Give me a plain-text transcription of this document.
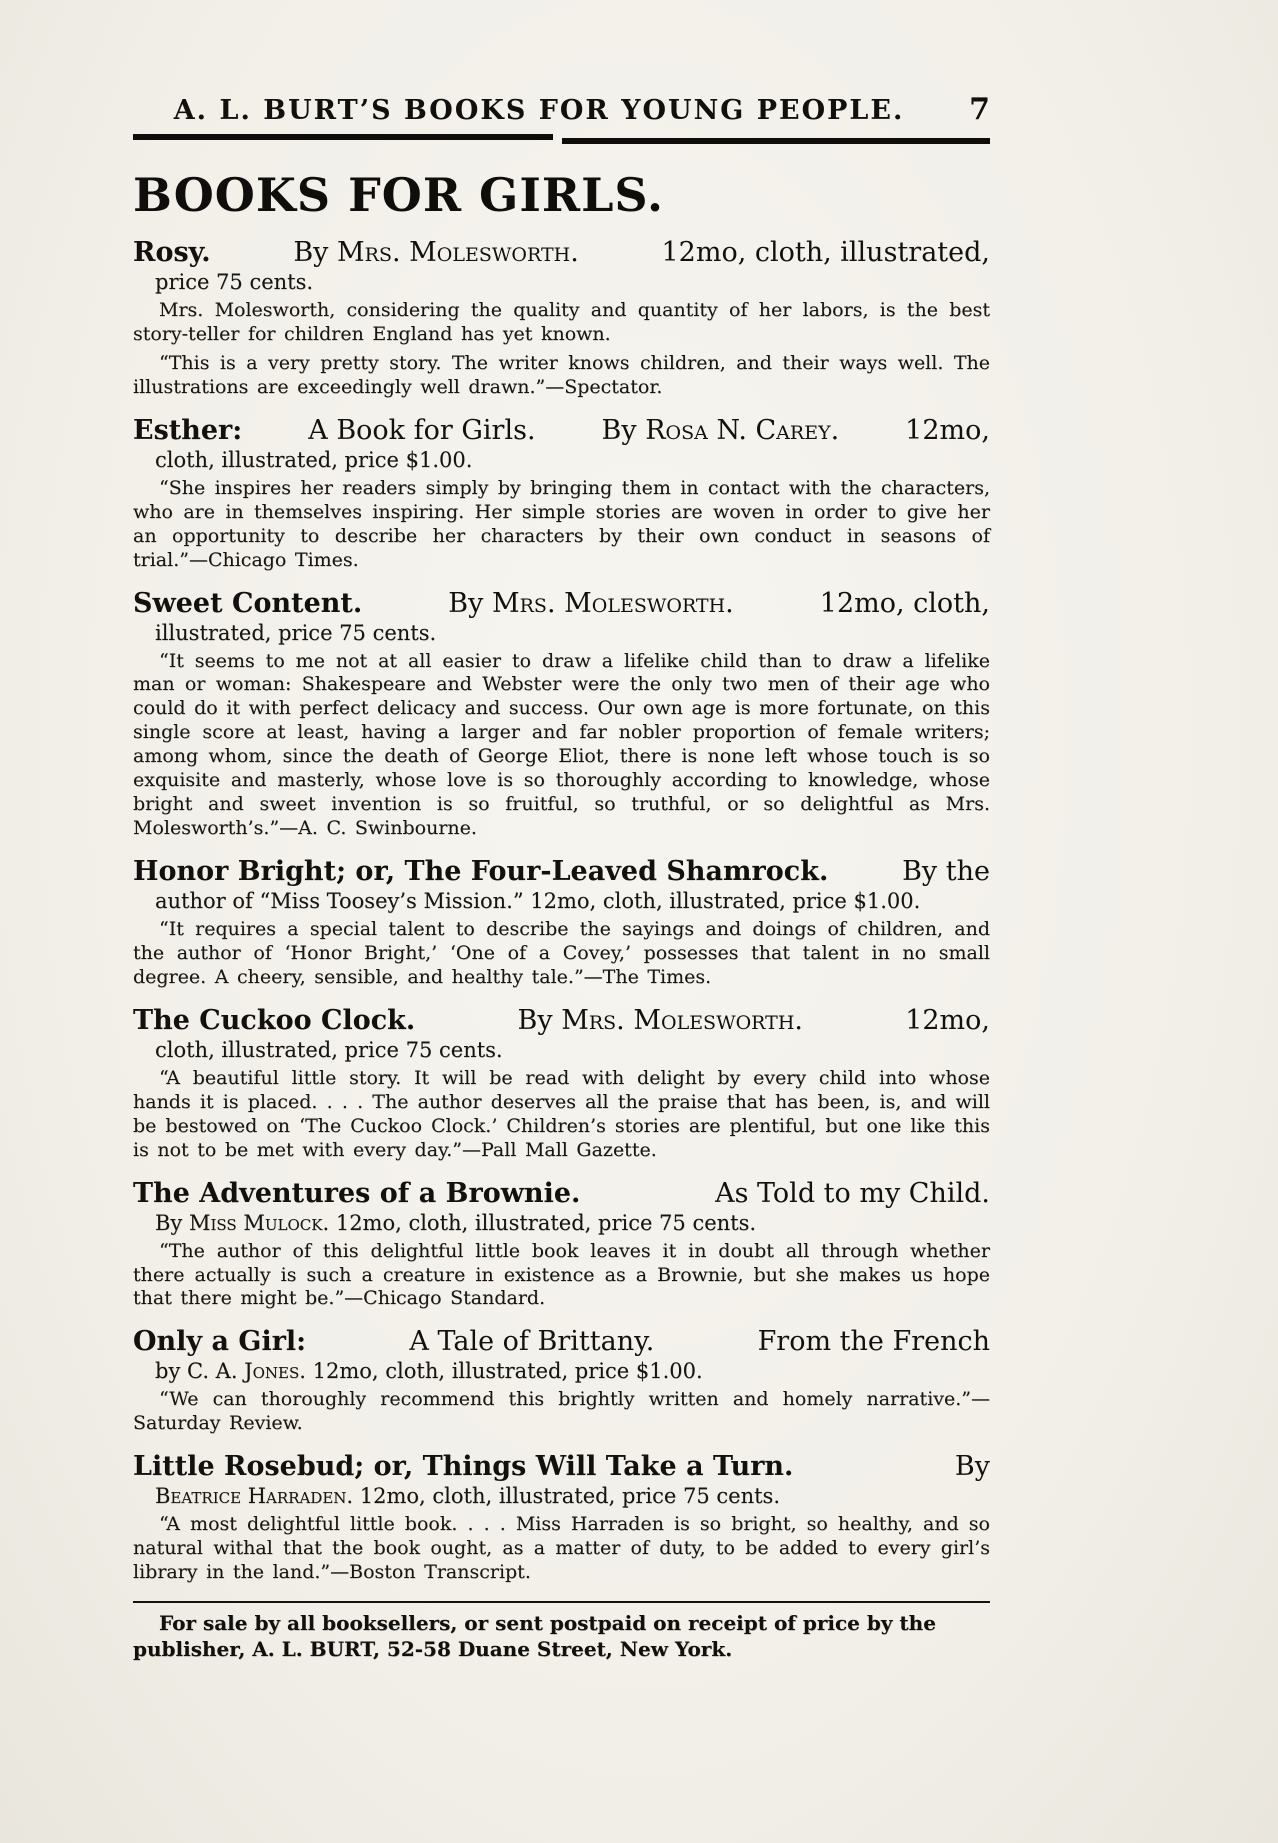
A. L. BURT’S BOOKS FOR YOUNG PEOPLE.	7
BOOKS FOR GIRLS.
Rosy.	By Mrs. Molesworth.	12mo, cloth, illustrated,
price 75 cents.

Mrs. Molesworth, considering the quality and quantity of her labors, is the best story-teller for children England has yet known.

“This is a very pretty story. The writer knows children, and their ways well. The illustrations are exceedingly well drawn.”—Spectator.

Esther: A Book for Girls. By Rosa N. Carey. 12mo,
cloth, illustrated, price $1.00.

“She inspires her readers simply by bringing them in contact with the characters, who are in themselves inspiring. Her simple stories are woven in order to give her an opportunity to describe her characters by their own conduct in seasons of trial.”—Chicago Times.

Sweet Content.	By Mrs. Molesworth.	12mo, cloth,
illustrated, price 75 cents.

“It seems to me not at all easier to draw a lifelike child than to draw a lifelike man or woman: Shakespeare and Webster were the only two men of their age who could do it with perfect delicacy and success. Our own age is more fortunate, on this single score at least, having a larger and far nobler proportion of female writers; among whom, since the death of George Eliot, there is none left whose touch is so exquisite and masterly, whose love is so thoroughly according to knowledge, whose bright and sweet invention is so fruitful, so truthful, or so delightful as Mrs. Molesworth’s.”—A. C. Swinbourne.

Honor Bright; or, The Four-Leaved Shamrock.	By the
author of “Miss Toosey’s Mission.” 12mo, cloth, illustrated, price $1.00.

“It requires a special talent to describe the sayings and doings of children, and the author of ‘Honor Bright,’ ‘One of a Covey,’ possesses that talent in no small degree. A cheery, sensible, and healthy tale.”—The Times.

The Cuckoo Clock.	By Mrs. Molesworth.	12mo,
cloth, illustrated, price 75 cents.

“A beautiful little story. It will be read with delight by every child into whose hands it is placed. . . . The author deserves all the praise that has been, is, and will be bestowed on ‘The Cuckoo Clock.’ Children’s stories are plentiful, but one like this is not to be met with every day.”—Pall Mall Gazette.

The Adventures of a Brownie.	As Told to my Child.
By Miss Mulock. 12mo, cloth, illustrated, price 75 cents.

“The author of this delightful little book leaves it in doubt all through whether there actually is such a creature in existence as a Brownie, but she makes us hope that there might be.”—Chicago Standard.

Only a Girl:	A Tale of Brittany.	From the French
by C. A. Jones. 12mo, cloth, illustrated, price $1.00.

“We can thoroughly recommend this brightly written and homely narrative.”—Saturday Review.

Little Rosebud; or, Things Will Take a Turn.	By
Beatrice Harraden. 12mo, cloth, illustrated, price 75 cents.

“A most delightful little book. . . . Miss Harraden is so bright, so healthy, and so natural withal that the book ought, as a matter of duty, to be added to every girl’s library in the land.”—Boston Transcript.

For sale by all booksellers, or sent postpaid on receipt of price by the
publisher, A. L. BURT, 52-58 Duane Street, New York.
